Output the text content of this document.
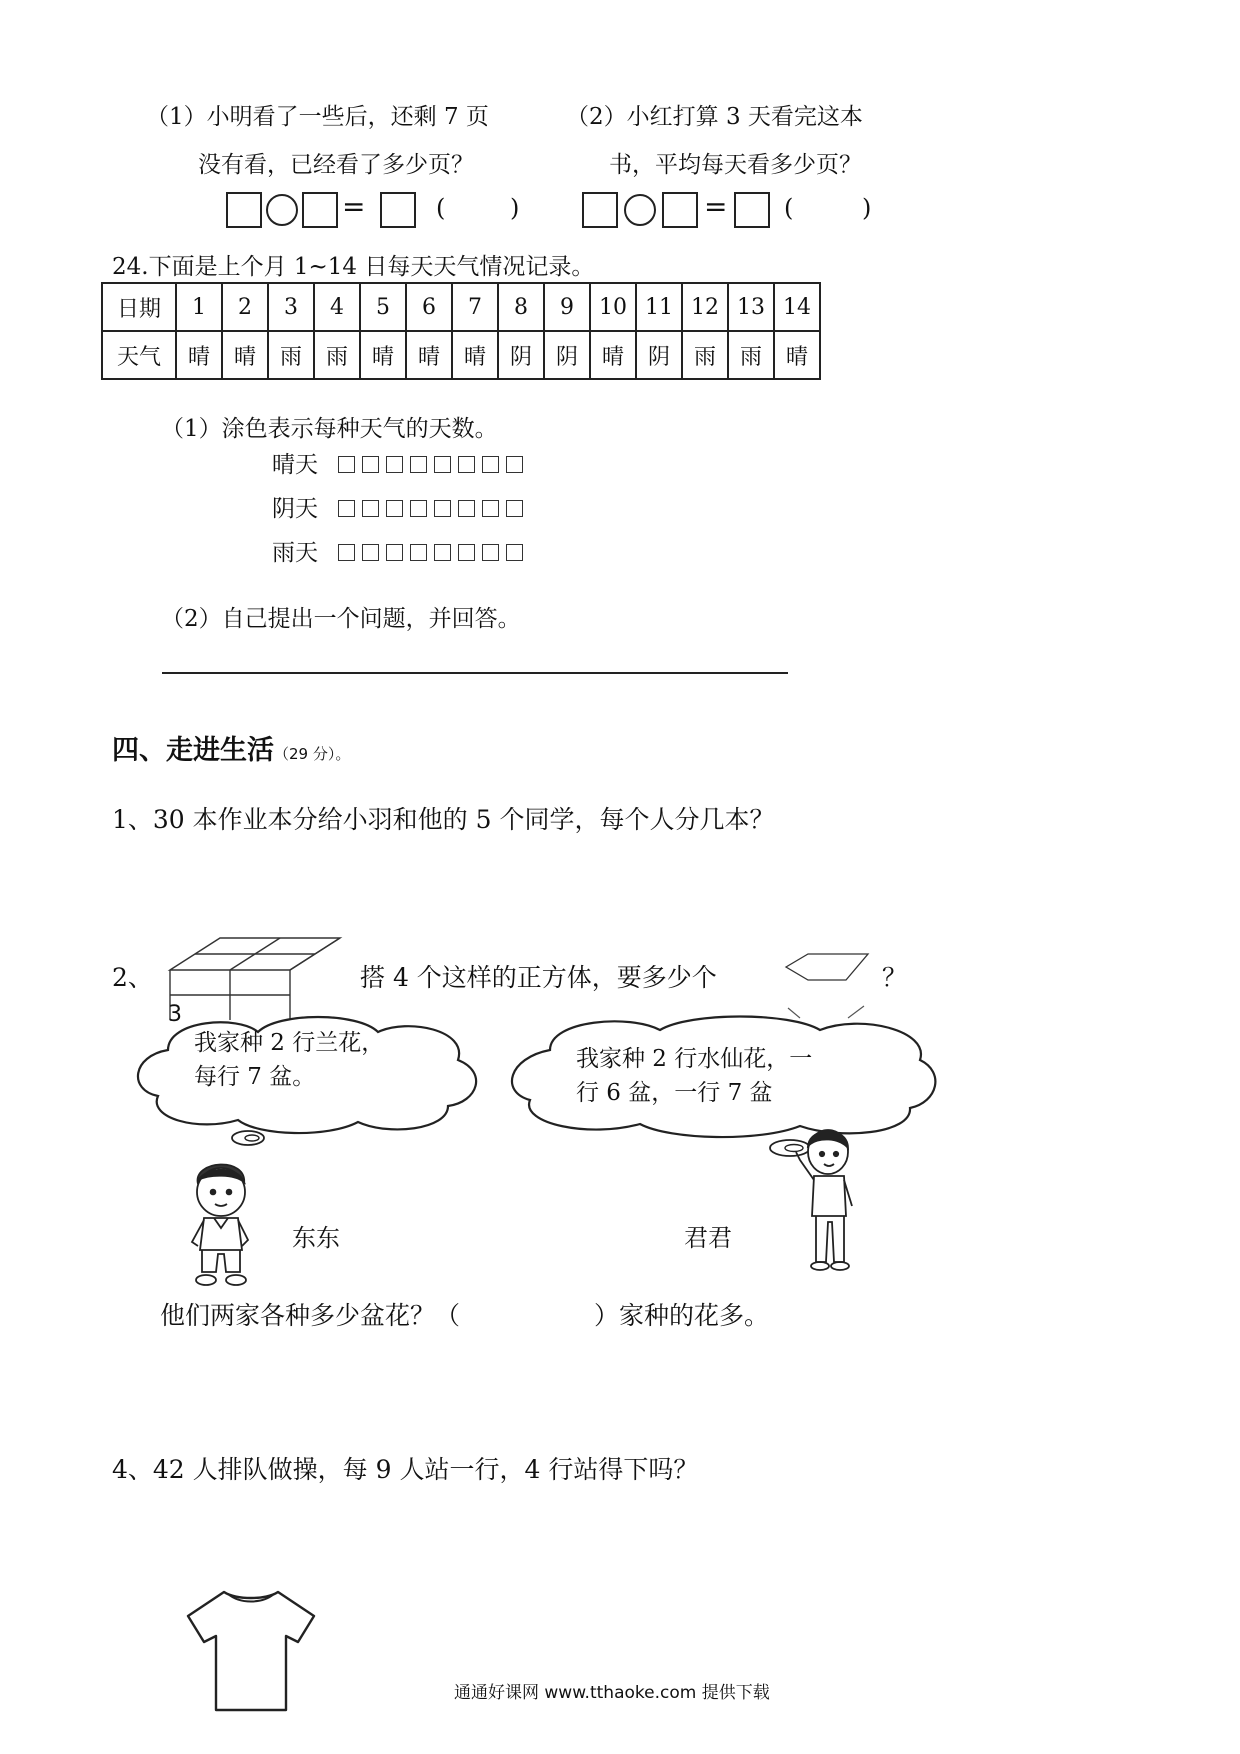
（1）小明看了一些后，还剩 7 页
没有看，已经看了多少页？
（2）小红打算 3 天看完这本
书，平均每天看多少页？
=	(	)	= (	)
24.下面是上个月 1~14 日每天天气情况记录。
日期	1	2	3	4	5	6	7	8	9	10	11	12	13	14
天气	晴	晴	雨	雨	晴	晴	晴	阴	阴	晴	阴	雨	雨	晴
（1）涂色表示每种天气的天数。
晴天
阴天
雨天
（2）自己提出一个问题，并回答。
四、走进生活（29 分）。
1、30 本作业本分给小羽和他的 5 个同学，每个人分几本？
2、
3
搭 4 个这样的正方体，要多少个	？
我家种 2 行兰花，
每行 7 盆。
我家种 2 行水仙花，一
行 6 盆，一行 7 盆
东东	君君
他们两家各种多少盆花？（	）家种的花多。
4、42 人排队做操，每 9 人站一行，4 行站得下吗？
通通好课网 www.tthaoke.com 提供下载
